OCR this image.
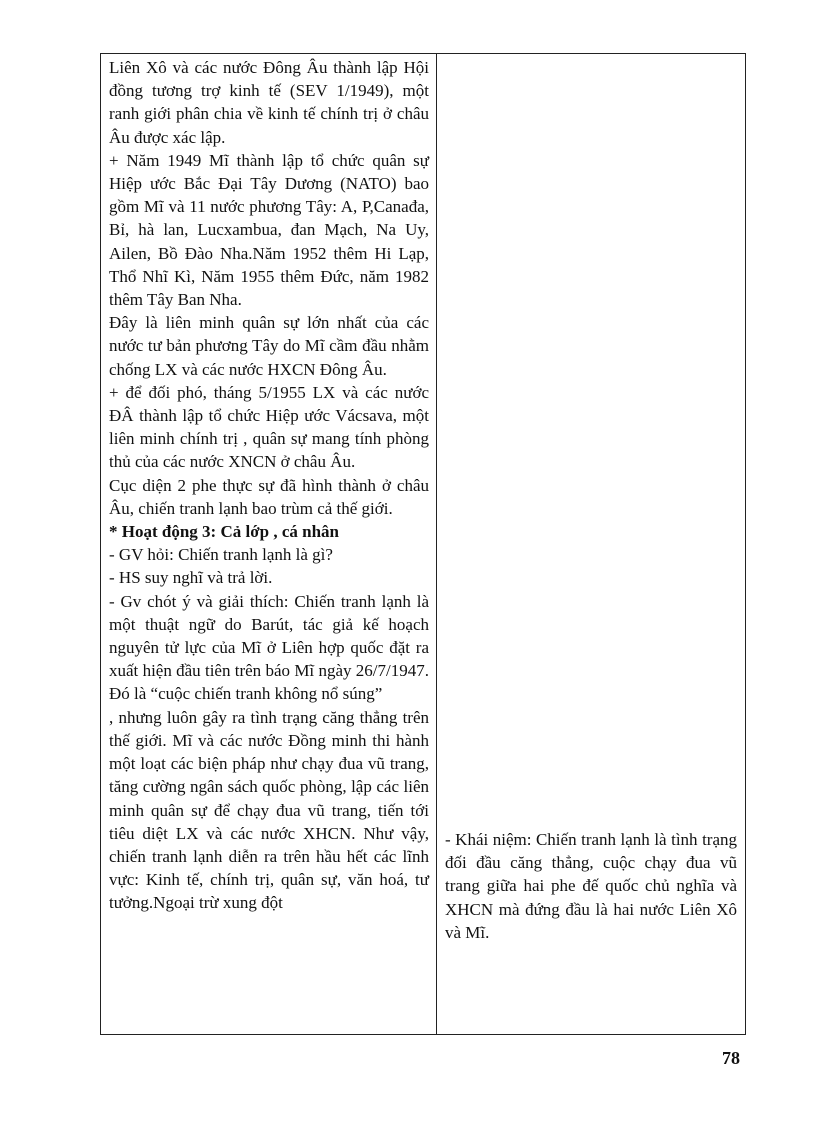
Liên Xô và các nước Đông Âu thành lập Hội đồng tương trợ kinh tế (SEV 1/1949), một ranh giới phân chia về kinh tế chính trị ở châu Âu được xác lập.

+ Năm 1949 Mĩ thành lập tổ chức quân sự Hiệp ước Bắc Đại Tây Dương (NATO) bao gồm Mĩ và 11 nước phương Tây: A, P,Canađa, Bỉ, hà lan, Lucxambua, đan Mạch, Na Uy, Ailen, Bồ Đào Nha.Năm 1952 thêm Hi Lạp, Thổ Nhĩ Kì, Năm 1955 thêm Đức, năm 1982 thêm Tây Ban Nha.

Đây là liên minh quân sự lớn nhất của các nước tư bản phương Tây do Mĩ cầm đầu nhằm chống LX và các nước HXCN Đông Âu.

+ để đối phó, tháng 5/1955 LX và các nước ĐÂ thành lập tổ chức Hiệp ước Vácsava, một liên minh chính trị , quân sự mang tính phòng thủ của các nước XNCN ở châu Âu.

Cục diện 2 phe thực sự đã hình thành ở châu Âu, chiến tranh lạnh bao trùm cả thế giới.

* Hoạt động 3: Cả lớp , cá nhân

- GV hỏi: Chiến tranh lạnh là gì?

- HS suy nghĩ và trả lời.

- Gv chót ý và giải thích: Chiến tranh lạnh là một thuật ngữ do Barút, tác giả kế hoạch nguyên tử lực của Mĩ ở Liên hợp quốc đặt ra xuất hiện đầu tiên trên báo Mĩ ngày 26/7/1947. Đó là “cuộc chiến tranh không nổ súng”

, nhưng luôn gây ra tình trạng căng thẳng trên thế giới. Mĩ và các nước Đồng minh thi hành một loạt các biện pháp như chạy đua vũ trang, tăng cường ngân sách quốc phòng, lập các liên minh quân sự để chạy đua vũ trang, tiến tới tiêu diệt LX và các nước XHCN. Như vậy, chiến tranh lạnh diễn ra trên hầu hết các lĩnh vực: Kinh tế, chính trị, quân sự, văn hoá, tư tưởng.Ngoại trừ xung đột

- Khái niệm: Chiến tranh lạnh là tình trạng đối đầu căng thẳng, cuộc chạy đua vũ trang giữa hai phe đế quốc chủ nghĩa và XHCN mà đứng đầu là hai nước Liên Xô và Mĩ.

78
